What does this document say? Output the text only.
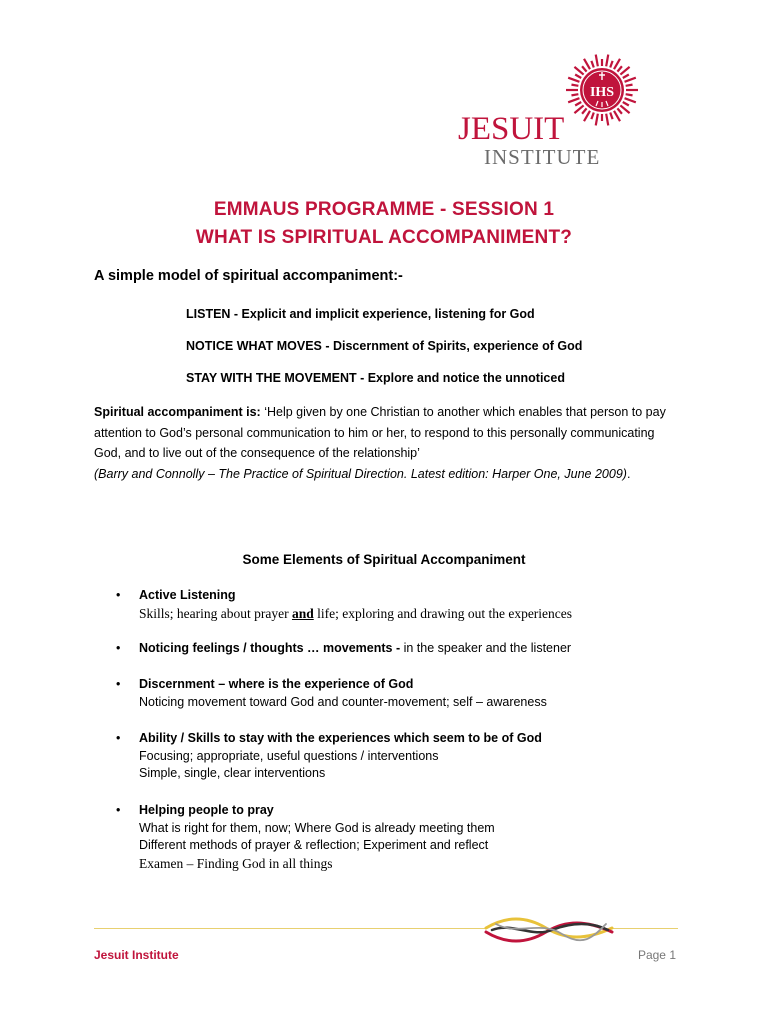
IHS
JESUIT
INSTITUTE
EMMAUS PROGRAMME - SESSION 1
WHAT IS SPIRITUAL ACCOMPANIMENT?

A simple model of spiritual accompaniment:-

LISTEN - Explicit and implicit experience, listening for God

NOTICE WHAT MOVES - Discernment of Spirits, experience of God

STAY WITH THE MOVEMENT - Explore and notice the unnoticed

Spiritual accompaniment is: ‘Help given by one Christian to another which enables that person to pay attention to God’s personal communication to him or her, to respond to this personally communicating God, and to live out of the consequence of the relationship’
(Barry and Connolly – The Practice of Spiritual Direction. Latest edition: Harper One, June 2009).

Some Elements of Spiritual Accompaniment

•	Active Listening
Skills; hearing about prayer and life; exploring and drawing out the experiences
•	Noticing feelings / thoughts … movements - in the speaker and the listener
•	Discernment – where is the experience of God
Noticing movement toward God and counter-movement; self – awareness
•	Ability / Skills to stay with the experiences which seem to be of God
Focusing; appropriate, useful questions / interventions
Simple, single, clear interventions
•	Helping people to pray
What is right for them, now; Where God is already meeting them
Different methods of prayer & reflection; Experiment and reflect
Examen – Finding God in all things

Jesuit Institute	Page 1
